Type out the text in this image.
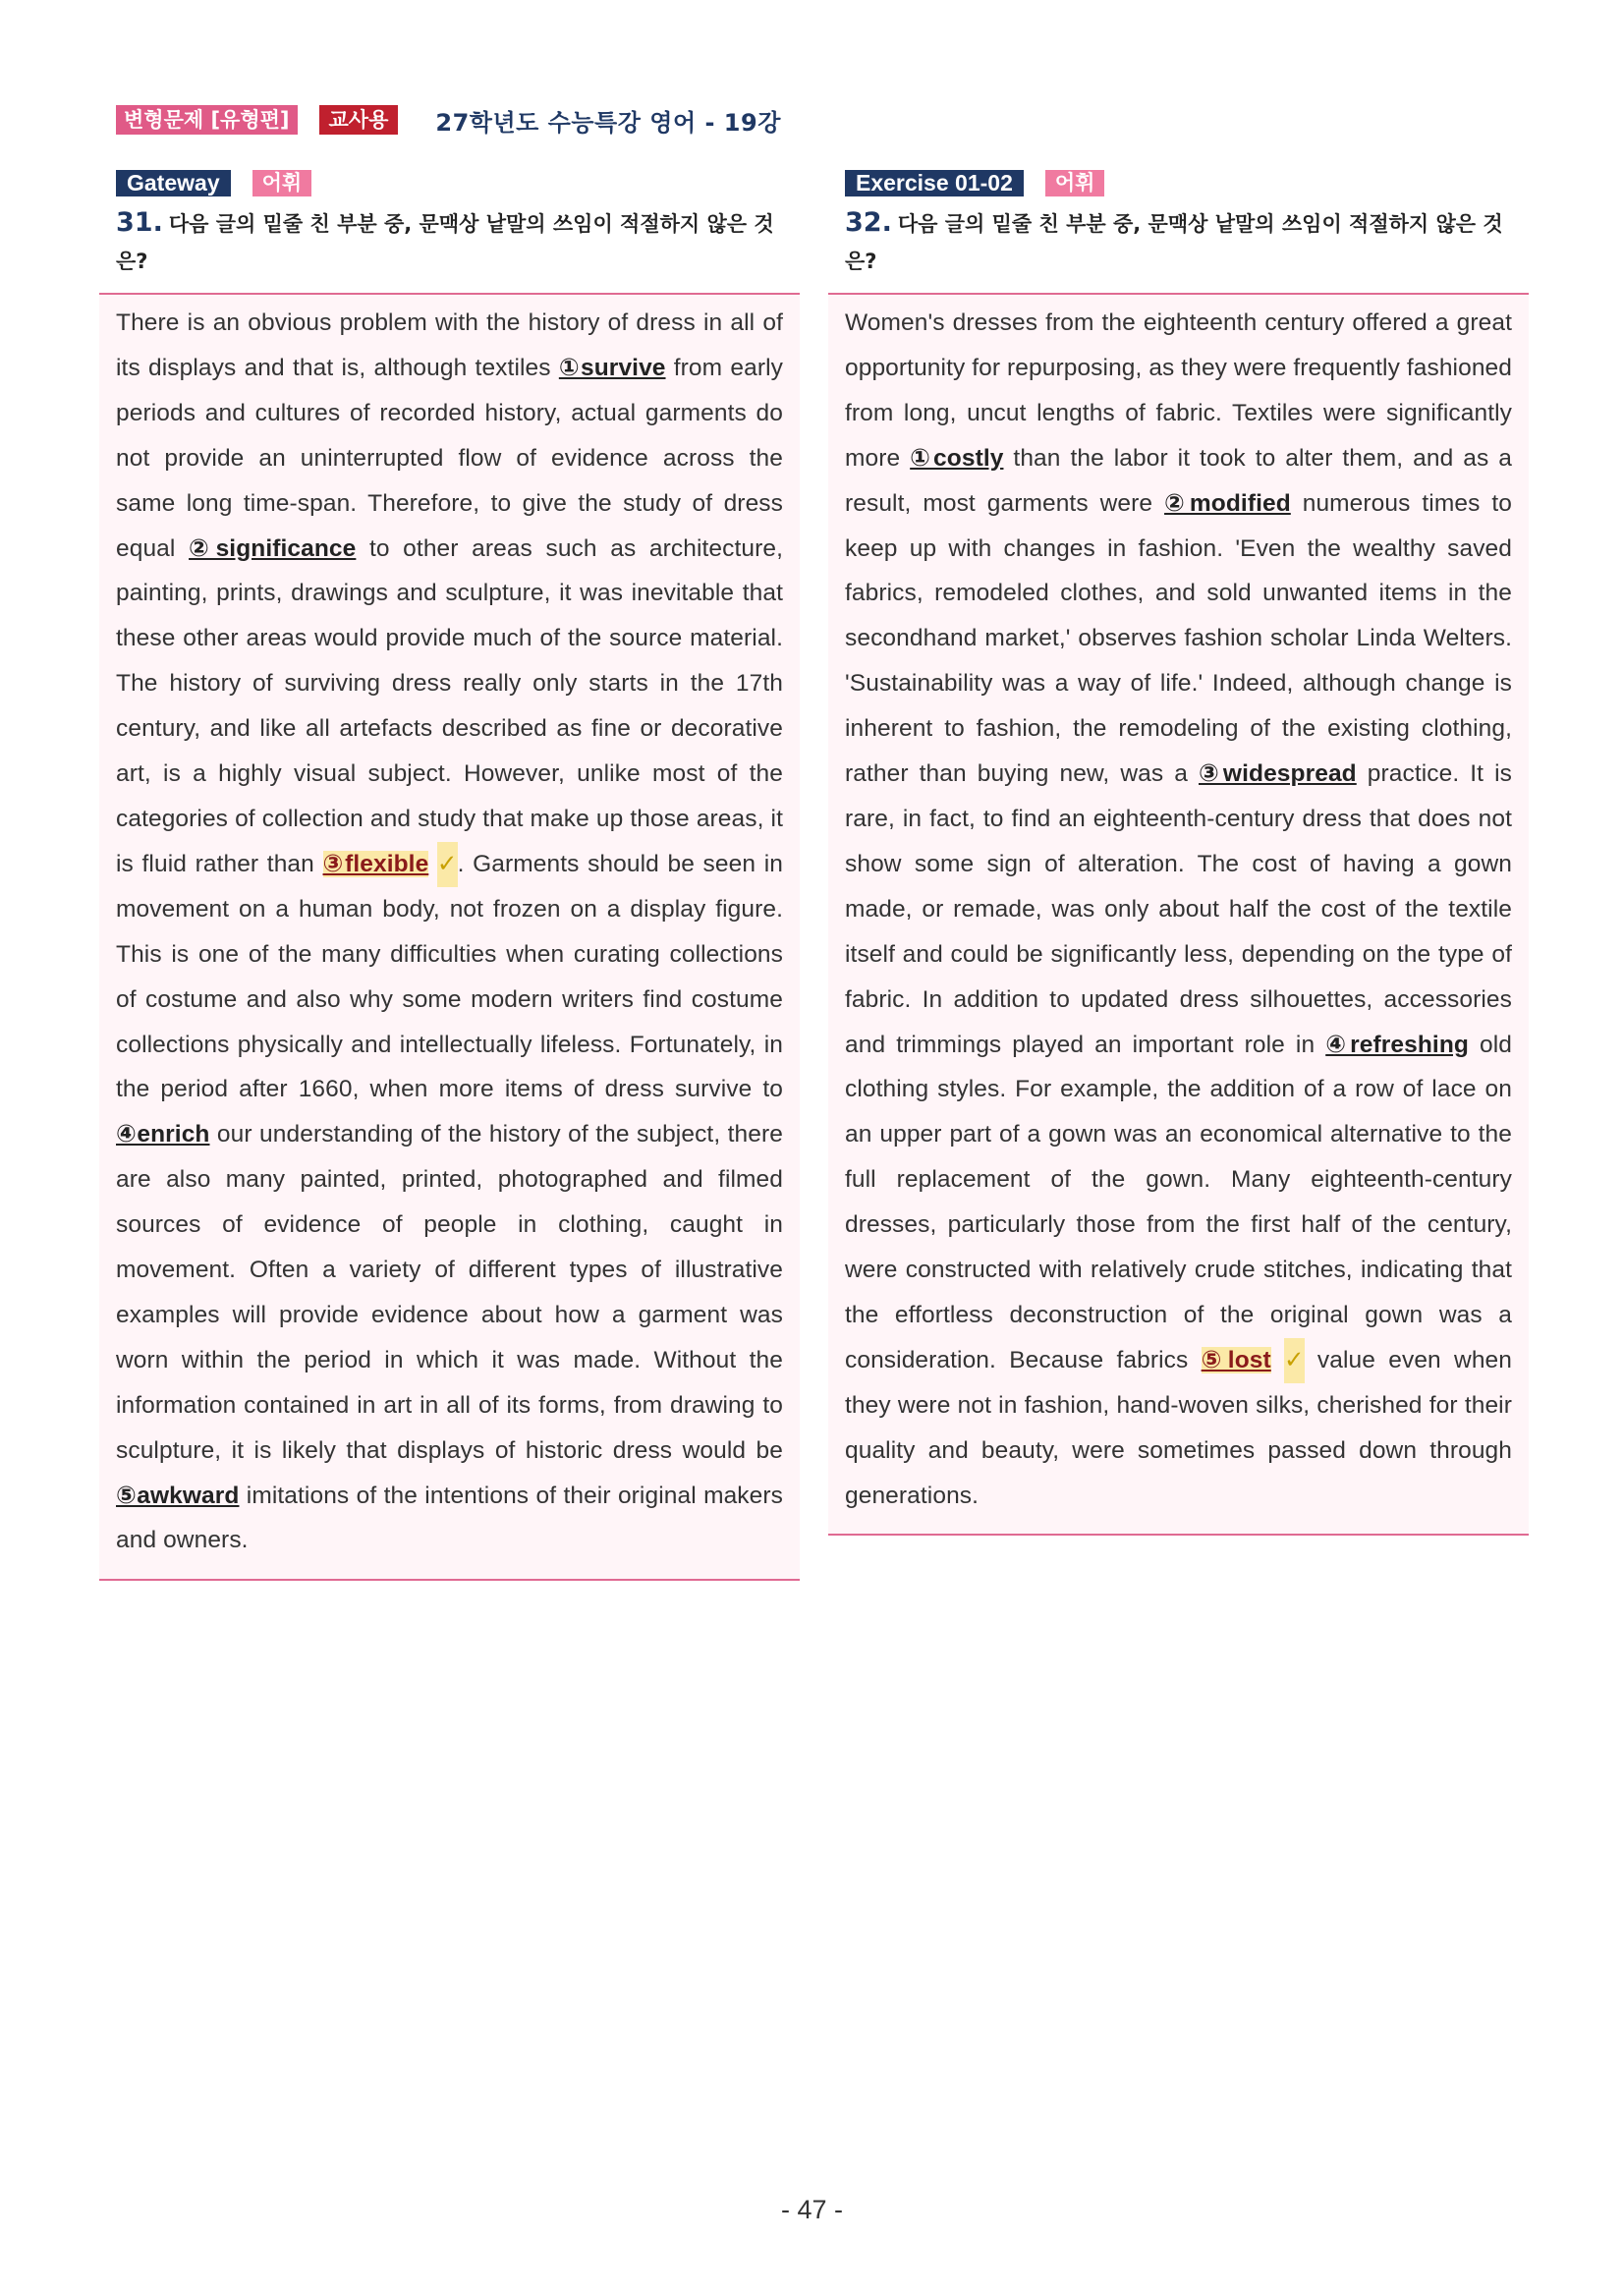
변형문제 [유형편]	교사용	27학년도 수능특강 영어 - 19강
Gateway	어휘
31. 다음 글의 밑줄 친 부분 중, 문맥상 낱말의 쓰임이 적절하지 않은 것은?

There is an obvious problem with the history of dress in all of its displays and that is, although textiles ①survive from early periods and cultures of recorded history, actual garments do not provide an uninterrupted flow of evidence across the same long time-span. Therefore, to give the study of dress equal ②significance to other areas such as architecture, painting, prints, drawings and sculpture, it was inevitable that these other areas would provide much of the source material. The history of surviving dress really only starts in the 17th century, and like all artefacts described as fine or decorative art, is a highly visual subject. However, unlike most of the categories of collection and study that make up those areas, it is fluid rather than ③flexible ✓. Garments should be seen in movement on a human body, not frozen on a display figure. This is one of the many difficulties when curating collections of costume and also why some modern writers find costume collections physically and intellectually lifeless. Fortunately, in the period after 1660, when more items of dress survive to ④enrich our understanding of the history of the subject, there are also many painted, printed, photographed and filmed sources of evidence of people in clothing, caught in movement. Often a variety of different types of illustrative examples will provide evidence about how a garment was worn within the period in which it was made. Without the information contained in art in all of its forms, from drawing to sculpture, it is likely that displays of historic dress would be ⑤awkward imitations of the intentions of their original makers and owners.

Exercise 01-02	어휘
32. 다음 글의 밑줄 친 부분 중, 문맥상 낱말의 쓰임이 적절하지 않은 것은?

Women's dresses from the eighteenth century offered a great opportunity for repurposing, as they were frequently fashioned from long, uncut lengths of fabric. Textiles were significantly more ①costly than the labor it took to alter them, and as a result, most garments were ②modified numerous times to keep up with changes in fashion. 'Even the wealthy saved fabrics, remodeled clothes, and sold unwanted items in the secondhand market,' observes fashion scholar Linda Welters. 'Sustainability was a way of life.' Indeed, although change is inherent to fashion, the remodeling of the existing clothing, rather than buying new, was a ③widespread practice. It is rare, in fact, to find an eighteenth-century dress that does not show some sign of alteration. The cost of having a gown made, or remade, was only about half the cost of the textile itself and could be significantly less, depending on the type of fabric. In addition to updated dress silhouettes, accessories and trimmings played an important role in ④refreshing old clothing styles. For example, the addition of a row of lace on an upper part of a gown was an economical alternative to the full replacement of the gown. Many eighteenth-century dresses, particularly those from the first half of the century, were constructed with relatively crude stitches, indicating that the effortless deconstruction of the original gown was a consideration. Because fabrics ⑤lost ✓ value even when they were not in fashion, hand-woven silks, cherished for their quality and beauty, were sometimes passed down through generations.

- 47 -
